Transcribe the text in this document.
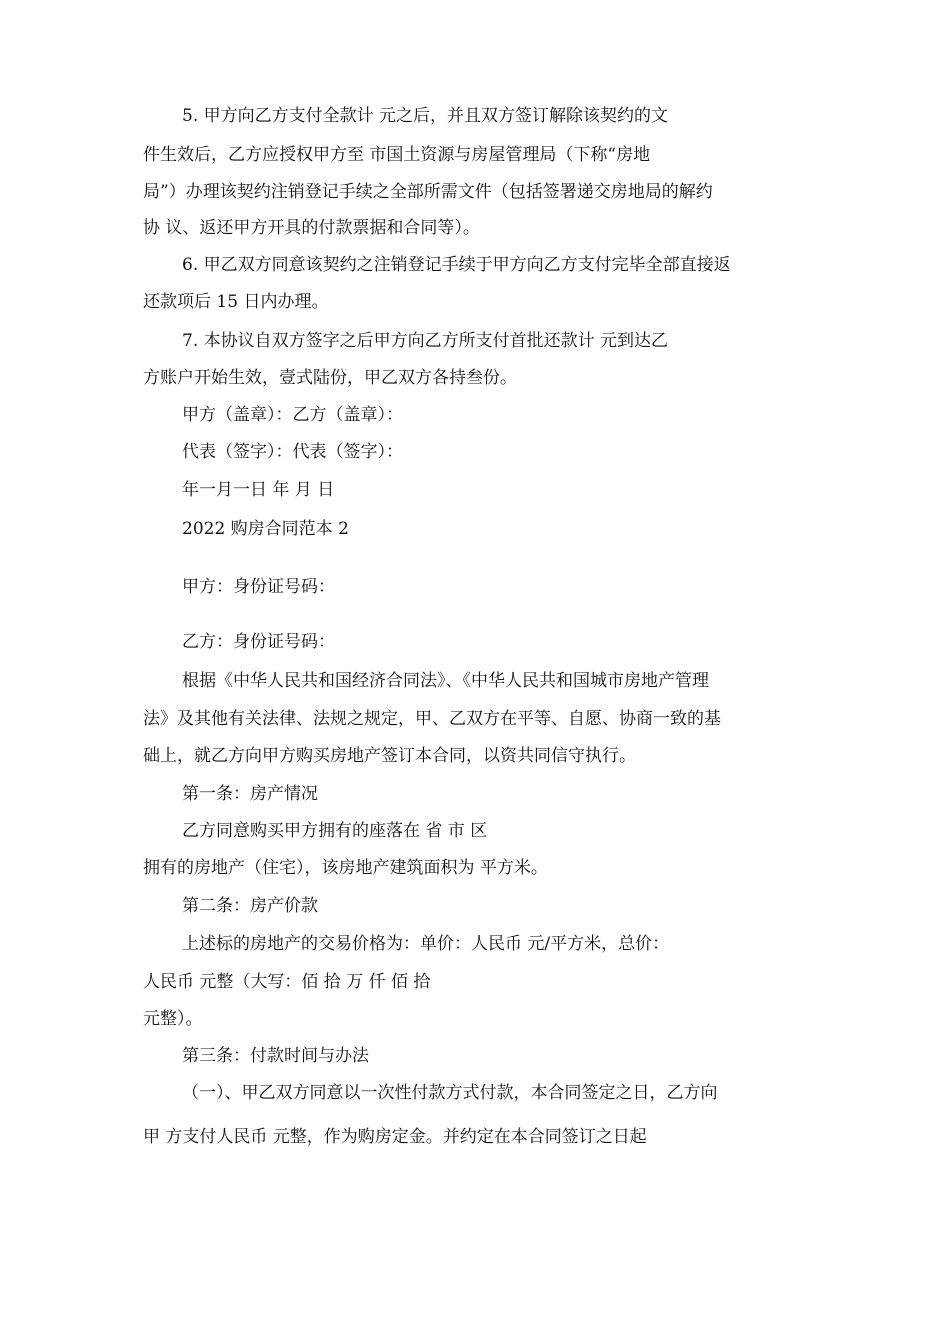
5. 甲方向乙方支付全款计 元之后，并且双方签订解除该契约的文

件生效后，乙方应授权甲方至 市国土资源与房屋管理局（下称“房地

局”）办理该契约注销登记手续之全部所需文件（包括签署递交房地局的解约

协 议、返还甲方开具的付款票据和合同等）。

6. 甲乙双方同意该契约之注销登记手续于甲方向乙方支付完毕全部直接返

还款项后 15 日内办理。

7. 本协议自双方签字之后甲方向乙方所支付首批还款计 元到达乙

方账户开始生效，壹式陆份，甲乙双方各持叁份。

甲方（盖章）：乙方（盖章）：

代表（签字）：代表（签字）：

年一月一日 年 月 日

2022 购房合同范本 2

甲方：身份证号码：

乙方：身份证号码：

根据《中华人民共和国经济合同法》、《中华人民共和国城市房地产管理

法》及其他有关法律、法规之规定，甲、乙双方在平等、自愿、协商一致的基

础上，就乙方向甲方购买房地产签订本合同，以资共同信守执行。

第一条：房产情况

乙方同意购买甲方拥有的座落在 省 市 区

拥有的房地产（住宅），该房地产建筑面积为 平方米。

第二条：房产价款

上述标的房地产的交易价格为：单价：人民币 元/平方米，总价：

人民币 元整（大写：佰 拾 万 仟 佰 拾

元整）。

第三条：付款时间与办法

（一）、甲乙双方同意以一次性付款方式付款，本合同签定之日，乙方向

甲 方支付人民币 元整，作为购房定金。并约定在本合同签订之日起
